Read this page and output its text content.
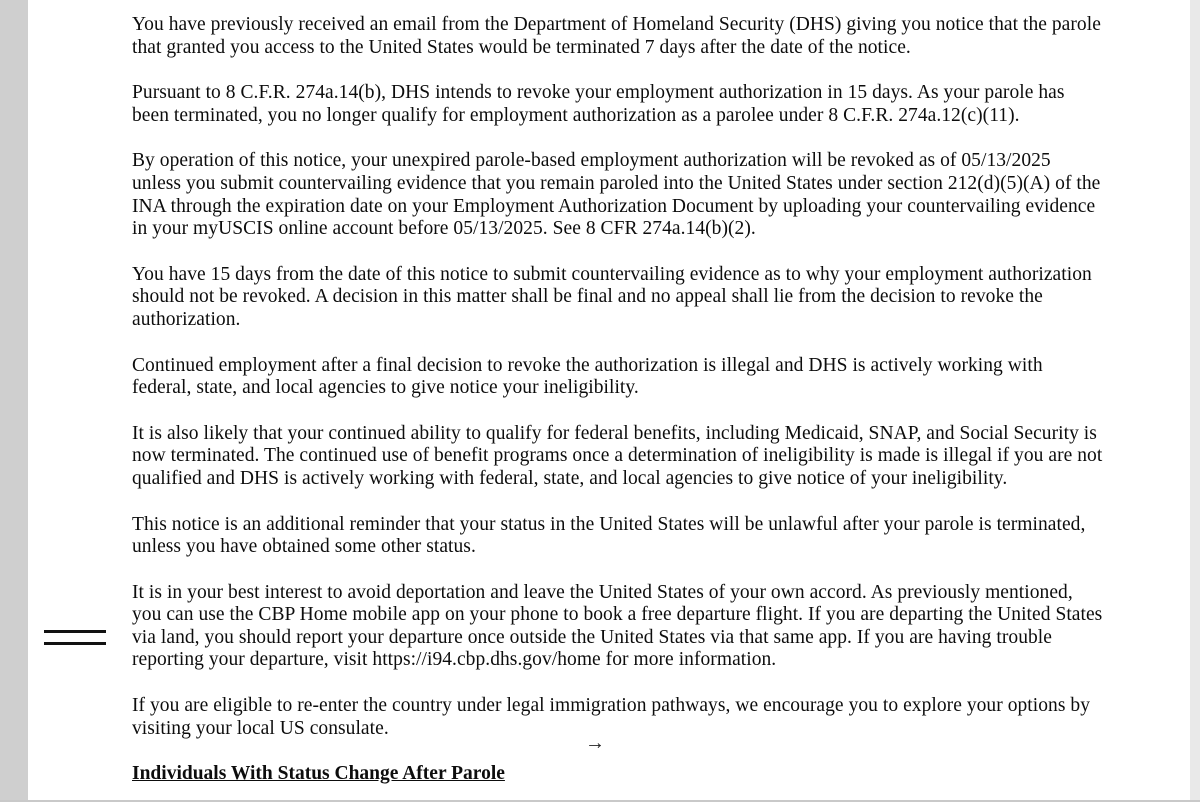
You have previously received an email from the Department of Homeland Security (DHS) giving you notice that the parole that granted you access to the United States would be terminated 7 days after the date of the notice.

Pursuant to 8 C.F.R. 274a.14(b), DHS intends to revoke your employment authorization in 15 days. As your parole has been terminated, you no longer qualify for employment authorization as a parolee under 8 C.F.R. 274a.12(c)(11).

By operation of this notice, your unexpired parole-based employment authorization will be revoked as of 05/13/2025 unless you submit countervailing evidence that you remain paroled into the United States under section 212(d)(5)(A) of the INA through the expiration date on your Employment Authorization Document by uploading your countervailing evidence in your myUSCIS online account before 05/13/2025. See 8 CFR 274a.14(b)(2).

You have 15 days from the date of this notice to submit countervailing evidence as to why your employment authorization should not be revoked. A decision in this matter shall be final and no appeal shall lie from the decision to revoke the authorization.

Continued employment after a final decision to revoke the authorization is illegal and DHS is actively working with federal, state, and local agencies to give notice your ineligibility.

It is also likely that your continued ability to qualify for federal benefits, including Medicaid, SNAP, and Social Security is now terminated. The continued use of benefit programs once a determination of ineligibility is made is illegal if you are not qualified and DHS is actively working with federal, state, and local agencies to give notice of your ineligibility.

This notice is an additional reminder that your status in the United States will be unlawful after your parole is terminated, unless you have obtained some other status.

It is in your best interest to avoid deportation and leave the United States of your own accord. As previously mentioned, you can use the CBP Home mobile app on your phone to book a free departure flight. If you are departing the United States via land, you should report your departure once outside the United States via that same app. If you are having trouble reporting your departure, visit https://i94.cbp.dhs.gov/home for more information.

If you are eligible to re-enter the country under legal immigration pathways, we encourage you to explore your options by visiting your local US consulate.

Individuals With Status Change After Parole

→
